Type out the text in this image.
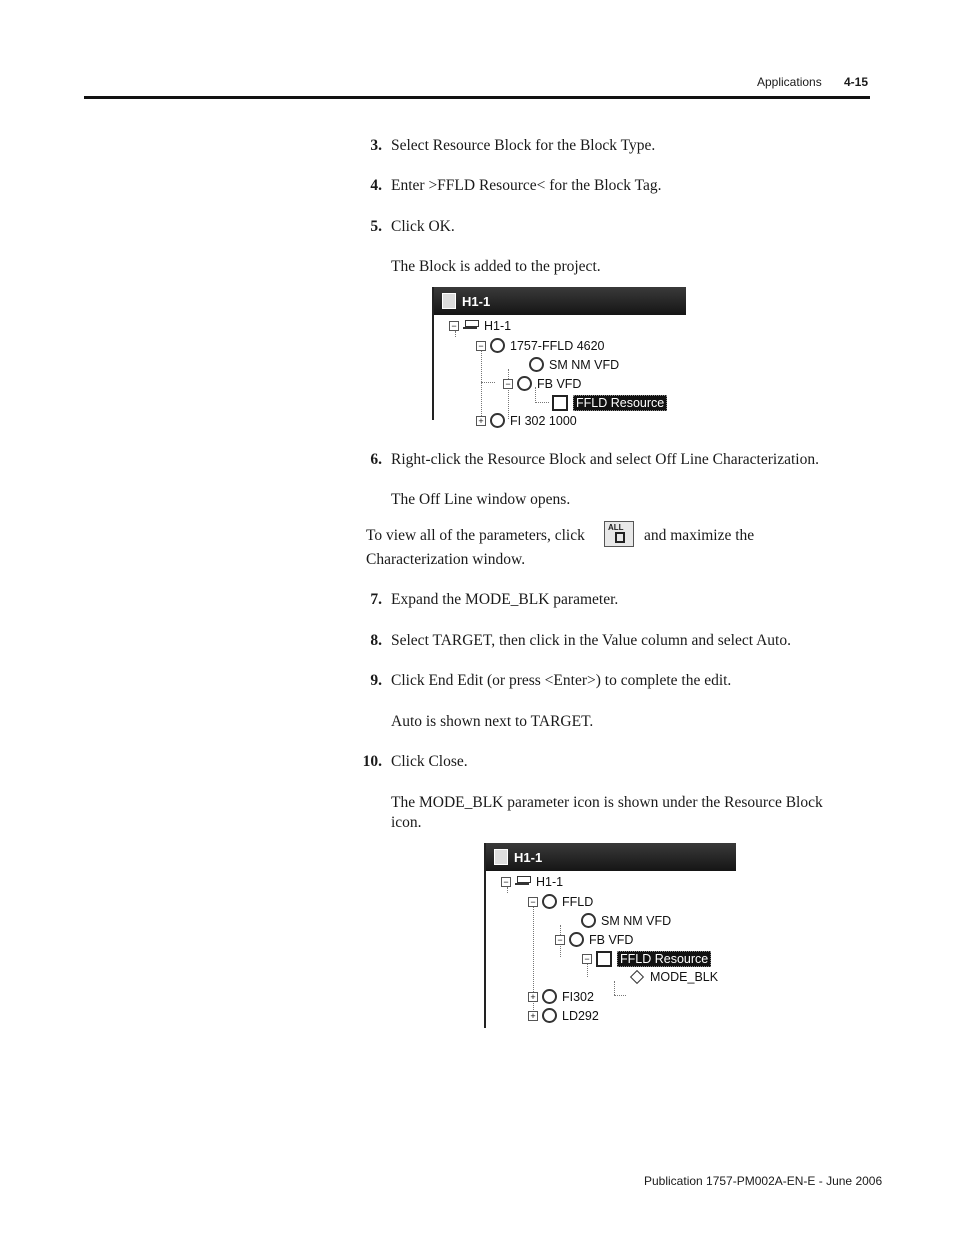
Applications 4-15
3. Select Resource Block for the Block Type.
4. Enter >FFLD Resource< for the Block Tag.
5. Click OK.
The Block is added to the project.
H1-1
− H1-1
− 1757-FFLD 4620
SM NM VFD
− FB VFD
FFLD Resource
+ FI 302 1000
6. Right-click the Resource Block and select Off Line Characterization.
The Off Line window opens.
To view all of the parameters, click	ALL and maximize the
Characterization window.
7. Expand the MODE_BLK parameter.
8. Select TARGET, then click in the Value column and select Auto.
9. Click End Edit (or press <Enter>) to complete the edit.
Auto is shown next to TARGET.
10. Click Close.
The MODE_BLK parameter icon is shown under the Resource Block
icon.
H1-1
− H1-1
− FFLD
SM NM VFD
− FB VFD
− FFLD Resource
MODE_BLK
+ FI302
+ LD292
Publication 1757-PM002A-EN-E - June 2006
